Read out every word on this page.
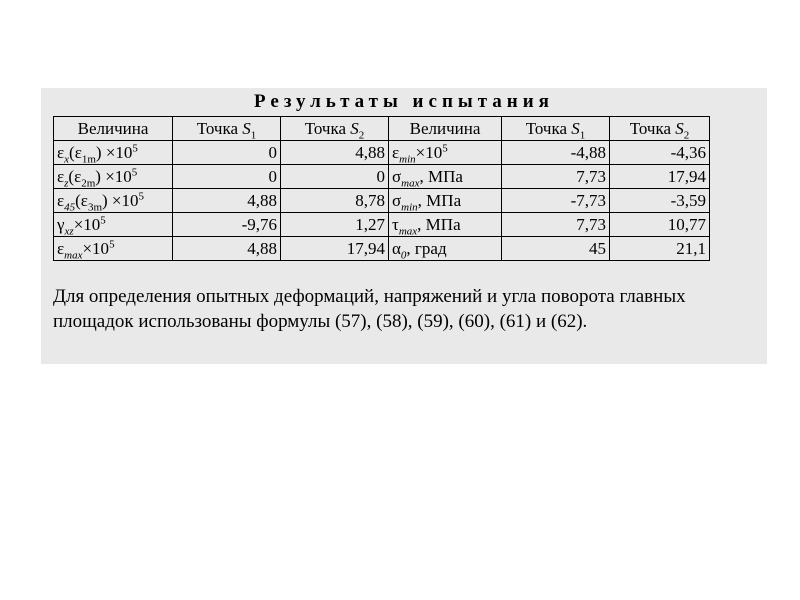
Результаты испытания
Величина	Точка $S_1$	Точка $S_2$	Величина	Точка $S_1$	Точка $S_2$
$\varepsilon_x(\varepsilon_{1m}) \times 10^5$	0	4,88	$\varepsilon_{min}\times 10^5$	-4,88	-4,36
$\varepsilon_z(\varepsilon_{2m}) \times 10^5$	0	0	$\sigma_{max}$, МПа	7,73	17,94
$\varepsilon_{45}(\varepsilon_{3m}) \times 10^5$	4,88	8,78	$\sigma_{min}$, МПа	-7,73	-3,59
$\gamma_{xz}\times 10^5$	-9,76	1,27	$\tau_{max}$, МПа	7,73	10,77
$\varepsilon_{max}\times 10^5$	4,88	17,94	$\alpha_0$, град	45	21,1
Для определения опытных деформаций, напряжений и угла поворота главных площадок использованы формулы (57), (58), (59), (60), (61) и (62).
